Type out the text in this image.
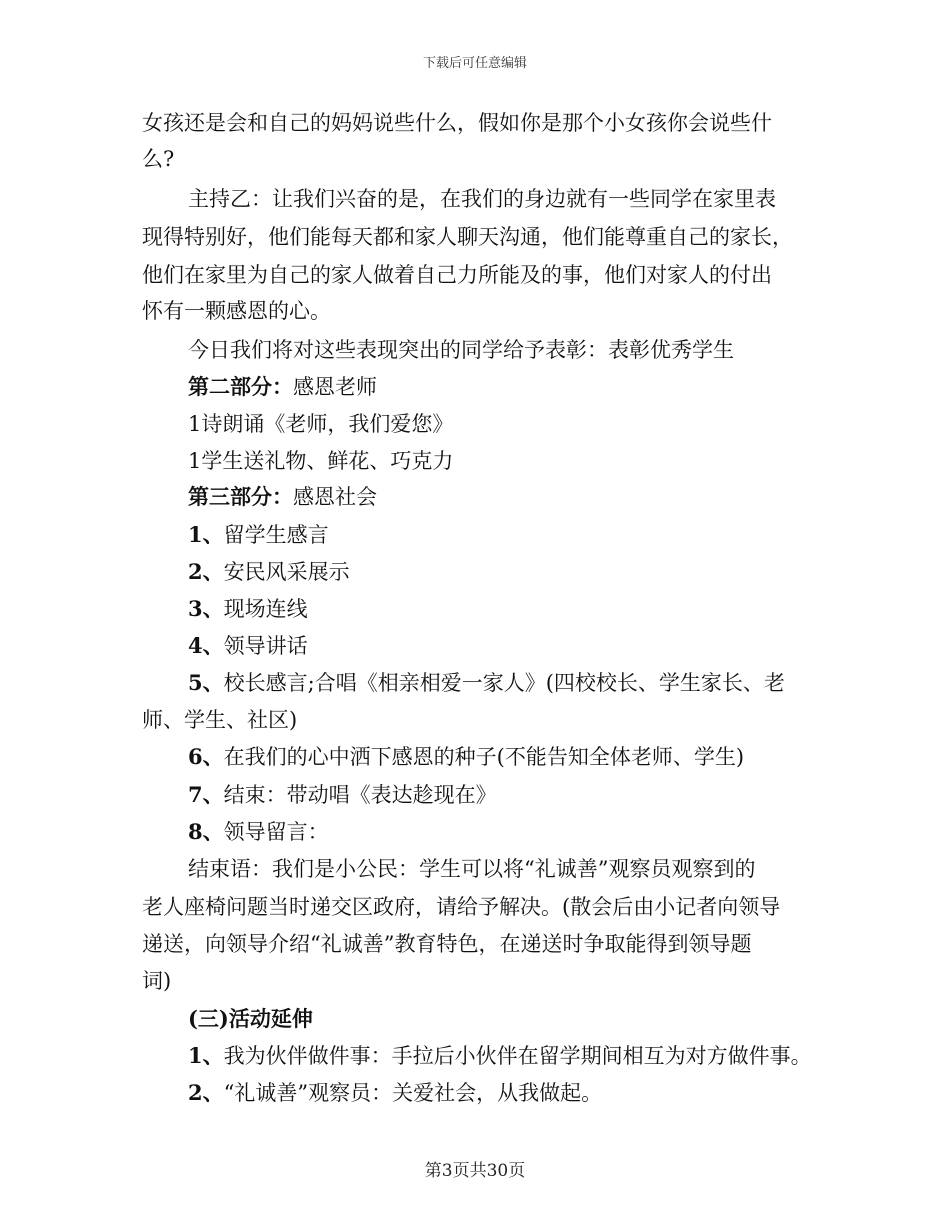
下载后可任意编辑
女孩还是会和自己的妈妈说些什么，假如你是那个小女孩你会说些什
么?
主持乙：让我们兴奋的是，在我们的身边就有一些同学在家里表
现得特别好，他们能每天都和家人聊天沟通，他们能尊重自己的家长，
他们在家里为自己的家人做着自己力所能及的事，他们对家人的付出
怀有一颗感恩的心。
今日我们将对这些表现突出的同学给予表彰：表彰优秀学生
第二部分：感恩老师
1诗朗诵《老师，我们爱您》
1学生送礼物、鲜花、巧克力
第三部分：感恩社会
1、留学生感言
2、安民风采展示
3、现场连线
4、领导讲话
5、校长感言;合唱《相亲相爱一家人》(四校校长、学生家长、老
师、学生、社区)
6、在我们的心中洒下感恩的种子(不能告知全体老师、学生)
7、结束：带动唱《表达趁现在》
8、领导留言：
结束语：我们是小公民：学生可以将“礼诚善”观察员观察到的
老人座椅问题当时递交区政府，请给予解决。(散会后由小记者向领导
递送，向领导介绍“礼诚善”教育特色，在递送时争取能得到领导题
词)
(三)活动延伸
1、我为伙伴做件事：手拉后小伙伴在留学期间相互为对方做件事。
2、“礼诚善”观察员：关爱社会，从我做起。
第3页共30页
